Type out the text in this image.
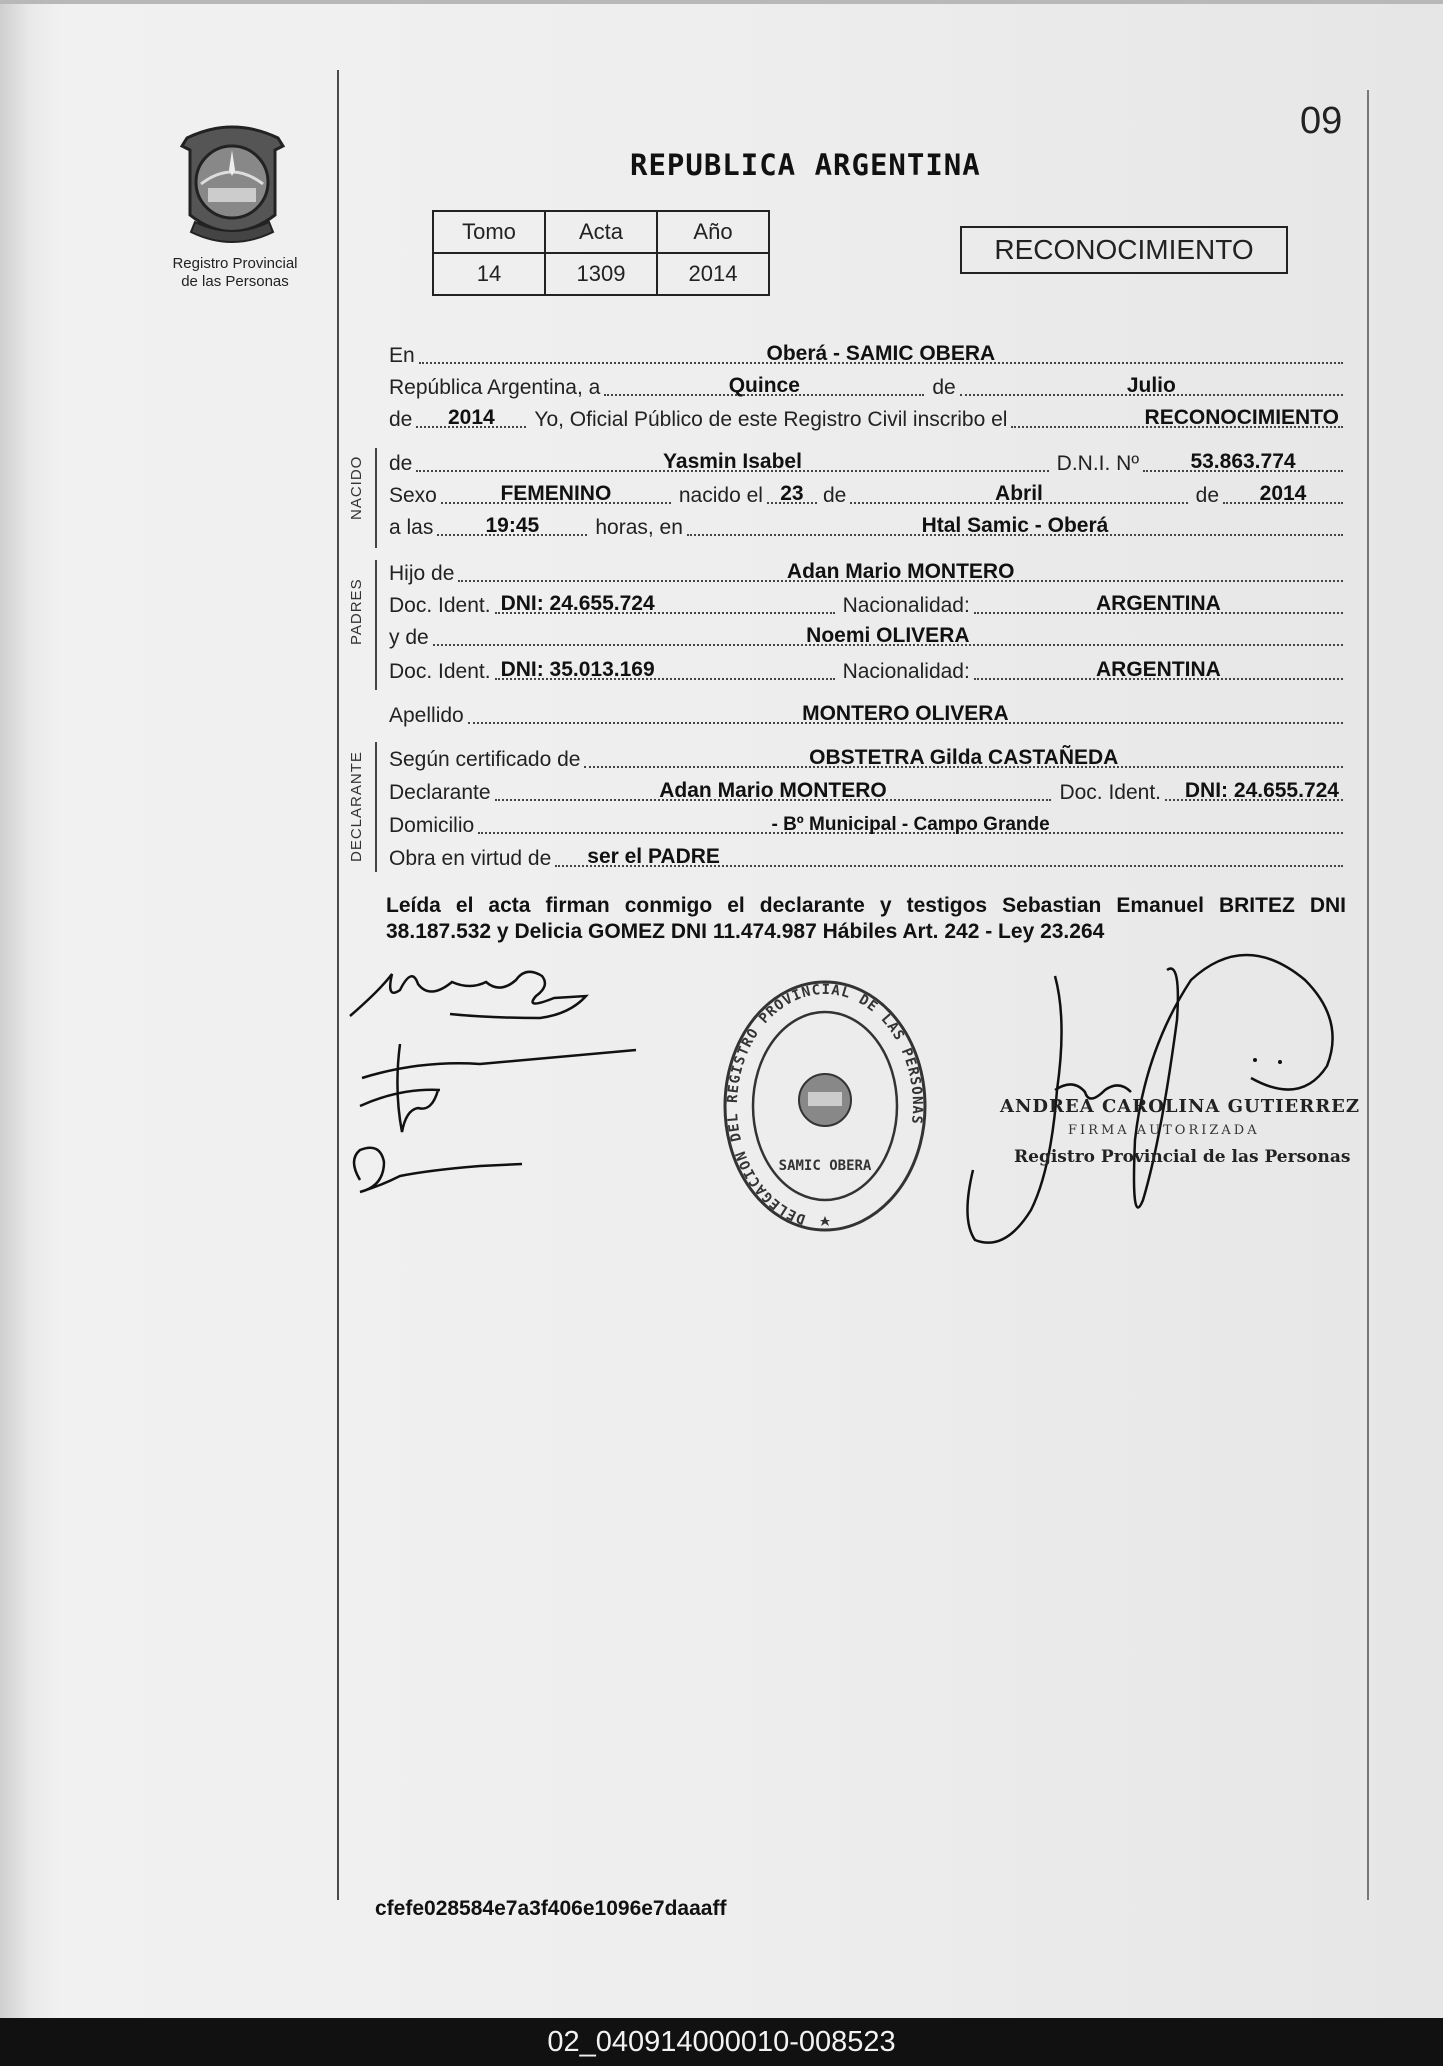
Registro Provincial
de las Personas
09
REPUBLICA ARGENTINA
Tomo	Acta	Año
14	1309	2014
RECONOCIMIENTO
En	Oberá - SAMIC OBERA
República Argentina, a	Quince	de	Julio
de 2014	Yo, Oficial Público de este Registro Civil inscribo el	RECONOCIMIENTO
NACIDO de	Yasmin Isabel	D.N.I. Nº 53.863.774
Sexo	FEMENINO	nacido el 23 de	Abril	de 2014
a las 19:45	horas, en	Htal Samic - Oberá
PADRES
Hijo de	Adan Mario MONTERO
Doc. Ident. DNI: 24.655.724	Nacionalidad:	ARGENTINA
y de	Noemi OLIVERA
Doc. Ident. DNI: 35.013.169	Nacionalidad:	ARGENTINA
Apellido	MONTERO OLIVERA
DECLARANTE Según certificado de	OBSTETRA Gilda CASTAÑEDA
Declarante	Adan Mario MONTERO	Doc. Ident. DNI: 24.655.724
Domicilio	- Bº Municipal - Campo Grande
Obra en virtud de ser el PADRE
Leída el acta firman conmigo el declarante y testigos Sebastian Emanuel BRITEZ DNI 38.187.532 y Delicia GOMEZ DNI 11.474.987 Hábiles Art. 242 - Ley 23.264
DELEGACION DEL REGISTRO PROVINCIAL DE LAS PERSONAS
SAMIC OBERA
ANDREA CAROLINA GUTIERREZ
FIRMA AUTORIZADA
Registro Provincial de las Personas
cfefe028584e7a3f406e1096e7daaaff
02_040914000010-008523
